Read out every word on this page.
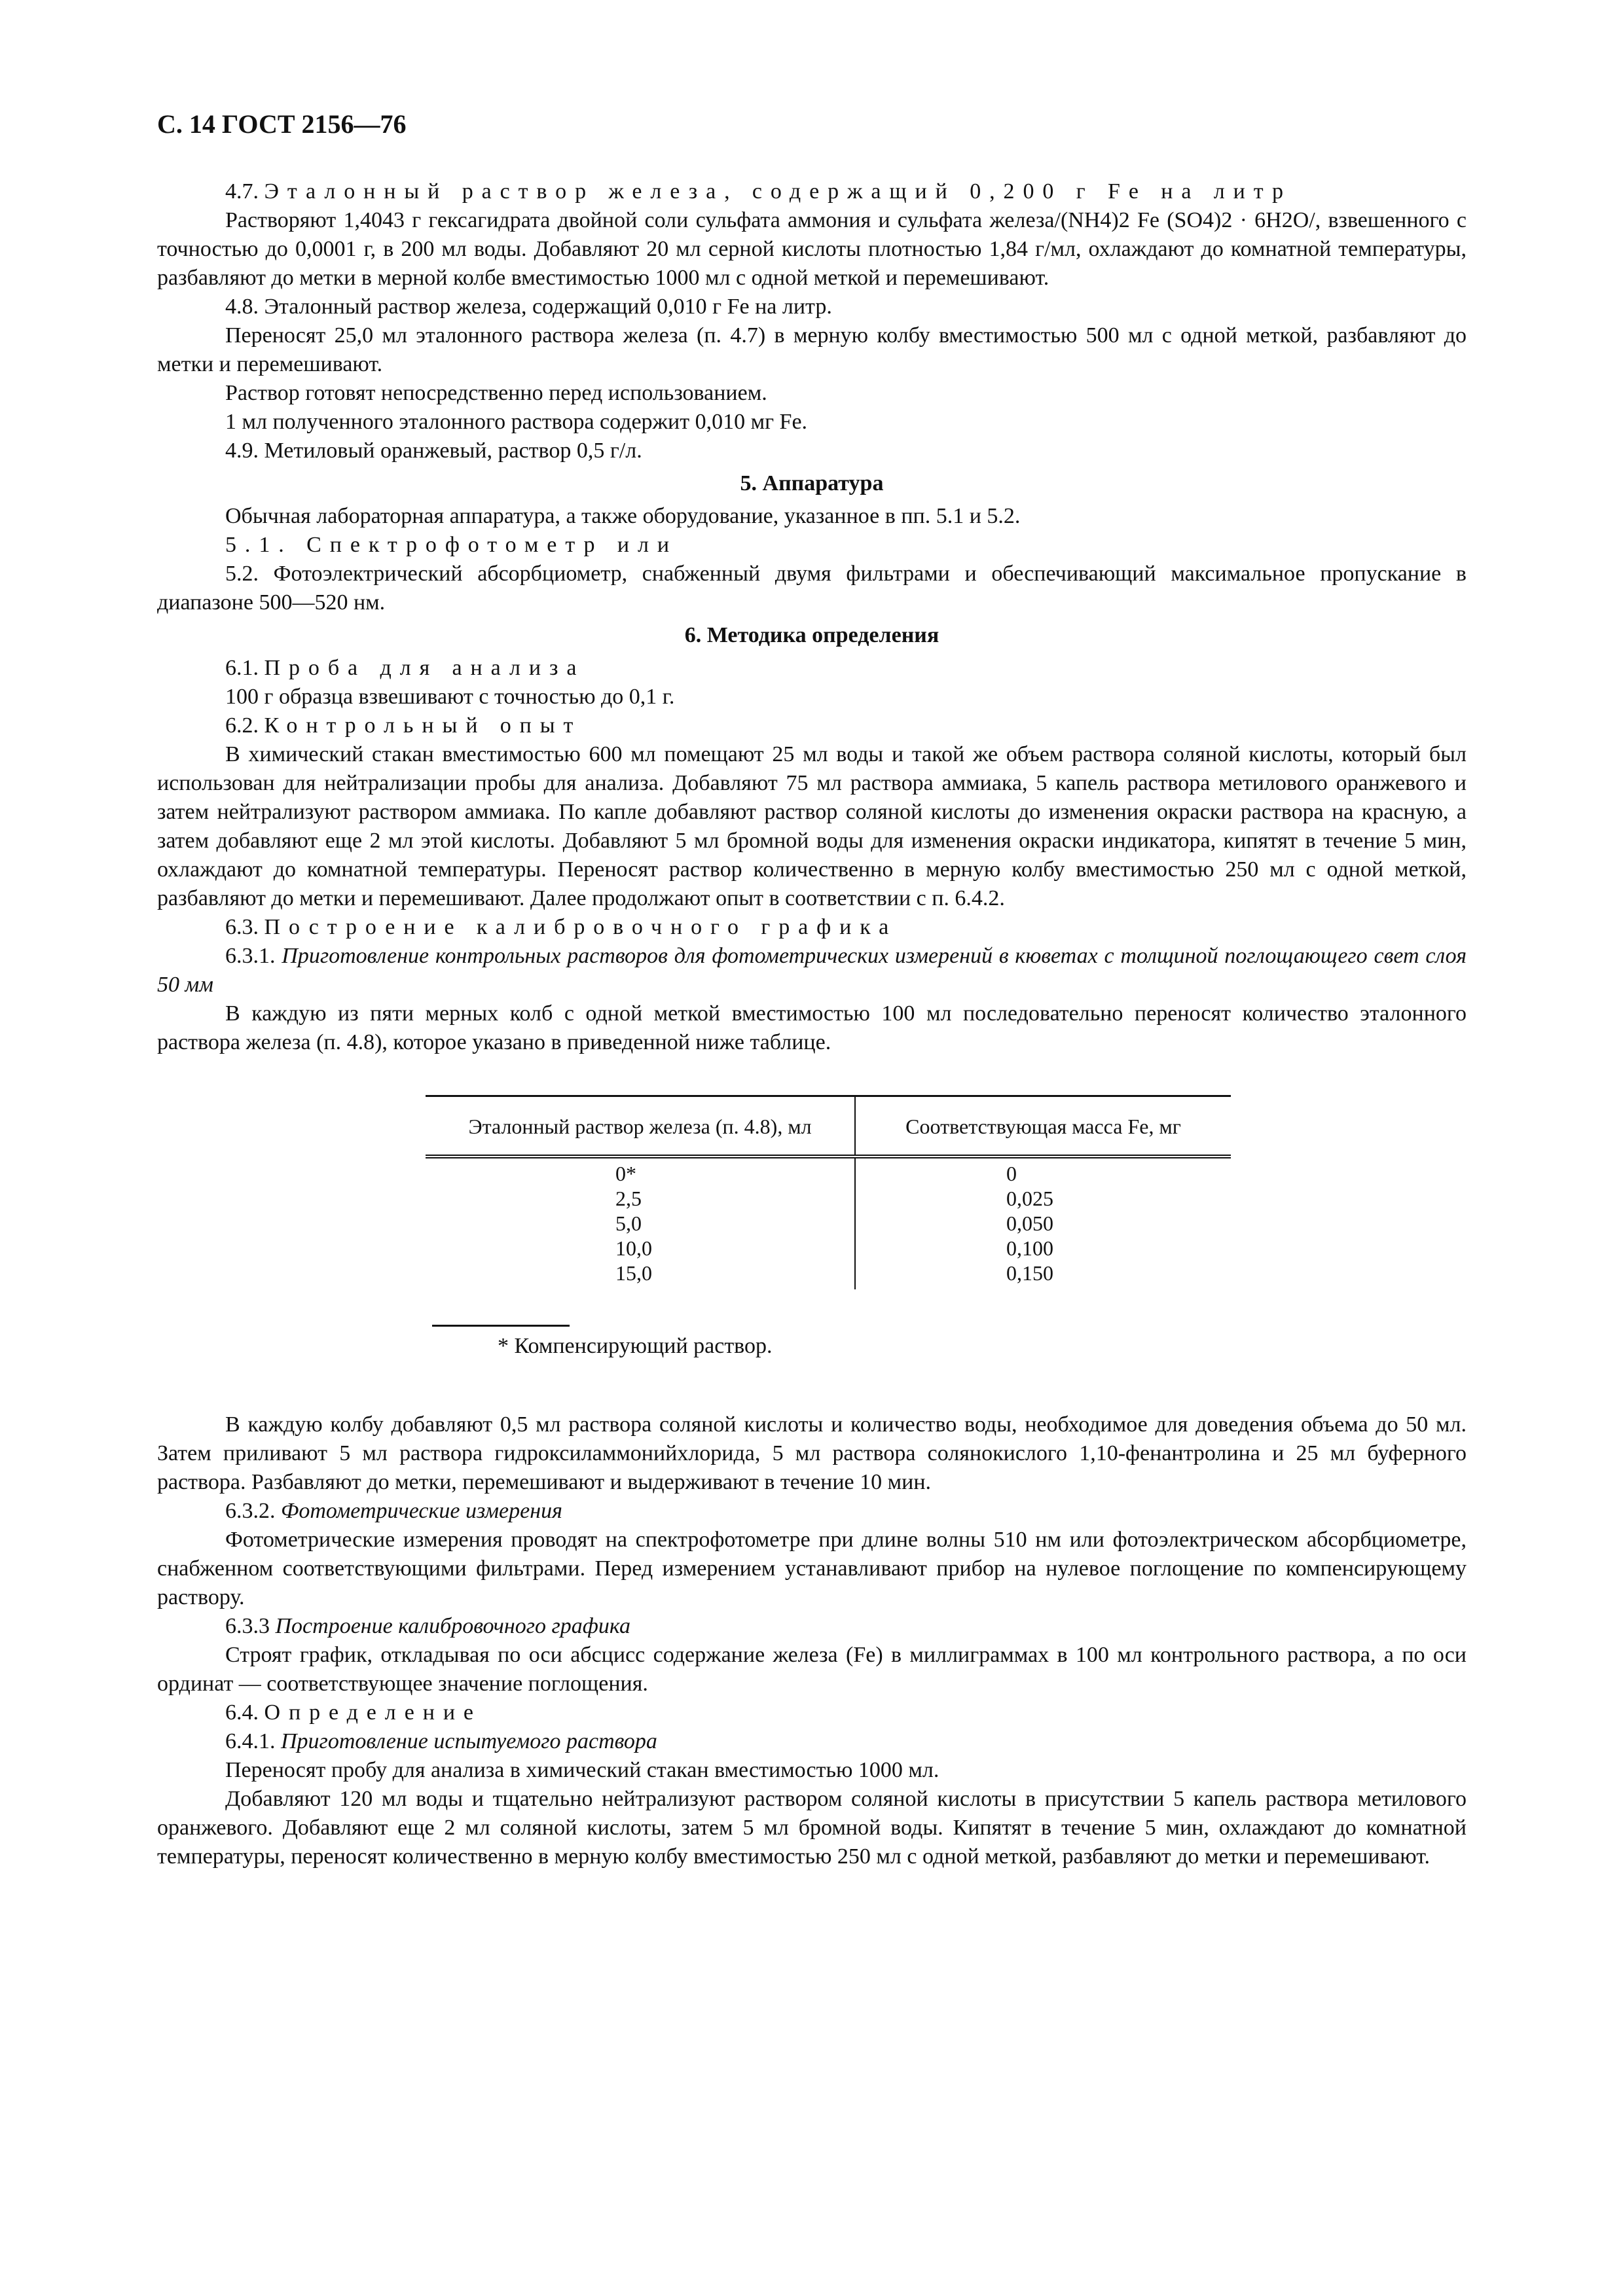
С. 14 ГОСТ 2156—76

4.7. Эталонный раствор железа, содержащий 0,200 г Fe на литр

Растворяют 1,4043 г гексагидрата двойной соли сульфата аммония и сульфата железа/(NH4)2 Fe (SO4)2 · 6H2O/, взвешенного с точностью до 0,0001 г, в 200 мл воды. Добавляют 20 мл серной кислоты плотностью 1,84 г/мл, охлаждают до комнатной температуры, разбавляют до метки в мерной колбе вместимостью 1000 мл с одной меткой и перемешивают.

4.8. Эталонный раствор железа, содержащий 0,010 г Fe на литр.

Переносят 25,0 мл эталонного раствора железа (п. 4.7) в мерную колбу вместимостью 500 мл с одной меткой, разбавляют до метки и перемешивают.

Раствор готовят непосредственно перед использованием.

1 мл полученного эталонного раствора содержит 0,010 мг Fe.

4.9. Метиловый оранжевый, раствор 0,5 г/л.

5. Аппаратура

Обычная лабораторная аппаратура, а также оборудование, указанное в пп. 5.1 и 5.2.

5.1. Спектрофотометр или

5.2. Фотоэлектрический абсорбциометр, снабженный двумя фильтрами и обеспечивающий максимальное пропускание в диапазоне 500—520 нм.

6. Методика определения

6.1. Проба для анализа

100 г образца взвешивают с точностью до 0,1 г.

6.2. Контрольный опыт

В химический стакан вместимостью 600 мл помещают 25 мл воды и такой же объем раствора соляной кислоты, который был использован для нейтрализации пробы для анализа. Добавляют 75 мл раствора аммиака, 5 капель раствора метилового оранжевого и затем нейтрализуют раствором аммиака. По капле добавляют раствор соляной кислоты до изменения окраски раствора на красную, а затем добавляют еще 2 мл этой кислоты. Добавляют 5 мл бромной воды для изменения окраски индикатора, кипятят в течение 5 мин, охлаждают до комнатной температуры. Переносят раствор количественно в мерную колбу вместимостью 250 мл с одной меткой, разбавляют до метки и перемешивают. Далее продолжают опыт в соответствии с п. 6.4.2.

6.3. Построение калибровочного графика

6.3.1. Приготовление контрольных растворов для фотометрических измерений в кюветах с толщиной поглощающего свет слоя 50 мм

В каждую из пяти мерных колб с одной меткой вместимостью 100 мл последовательно переносят количество эталонного раствора железа (п. 4.8), которое указано в приведенной ниже таблице.

Эталонный раствор железа (п. 4.8), мл	Соответствующая масса Fe, мг
0*
2,5
5,0
10,0
15,0
0
0,025
0,050
0,100
0,150
* Компенсирующий раствор.

В каждую колбу добавляют 0,5 мл раствора соляной кислоты и количество воды, необходимое для доведения объема до 50 мл. Затем приливают 5 мл раствора гидроксиламмонийхлорида, 5 мл раствора солянокислого 1,10-фенантролина и 25 мл буферного раствора. Разбавляют до метки, перемешивают и выдерживают в течение 10 мин.

6.3.2. Фотометрические измерения

Фотометрические измерения проводят на спектрофотометре при длине волны 510 нм или фотоэлектрическом абсорбциометре, снабженном соответствующими фильтрами. Перед измерением устанавливают прибор на нулевое поглощение по компенсирующему раствору.

6.3.3 Построение калибровочного графика

Строят график, откладывая по оси абсцисс содержание железа (Fe) в миллиграммах в 100 мл контрольного раствора, а по оси ординат — соответствующее значение поглощения.

6.4. Определение

6.4.1. Приготовление испытуемого раствора

Переносят пробу для анализа в химический стакан вместимостью 1000 мл.

Добавляют 120 мл воды и тщательно нейтрализуют раствором соляной кислоты в присутствии 5 капель раствора метилового оранжевого. Добавляют еще 2 мл соляной кислоты, затем 5 мл бромной воды. Кипятят в течение 5 мин, охлаждают до комнатной температуры, переносят количественно в мерную колбу вместимостью 250 мл с одной меткой, разбавляют до метки и перемешивают.
